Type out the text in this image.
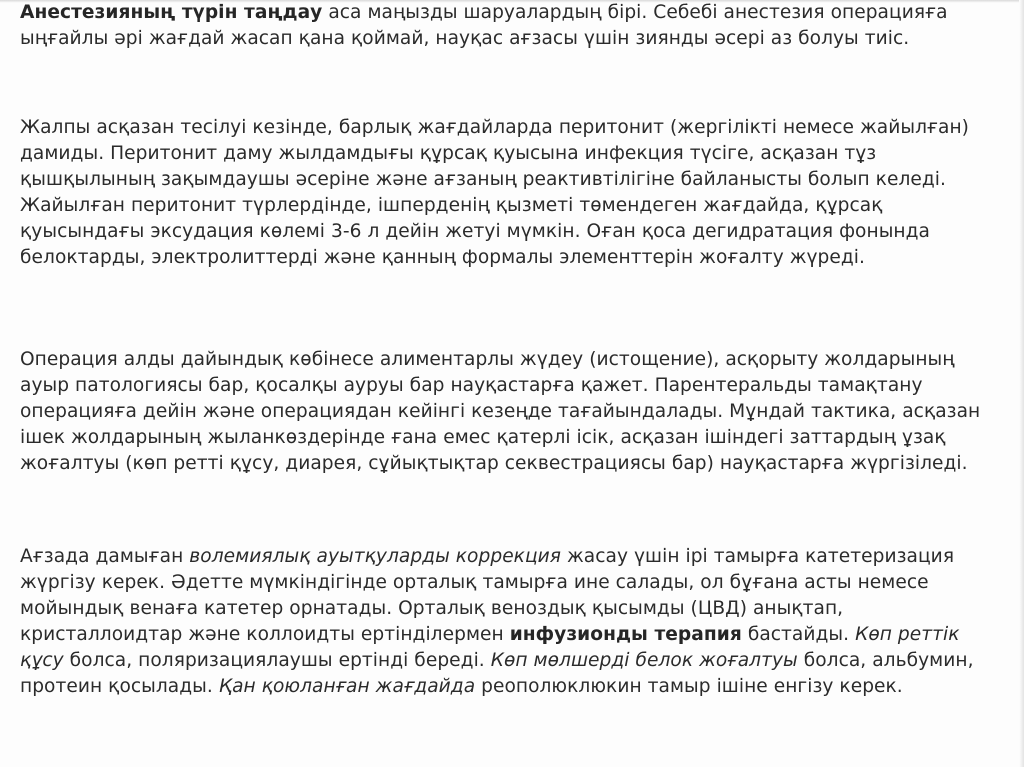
Анестезияның түрін таңдау аса маңызды шаруалардың бірі. Себебі анестезия операцияға ыңғайлы әрі жағдай жасап қана қоймай, науқас ағзасы үшін зиянды әсері аз болуы тиіс.

Жалпы асқазан тесілуі кезінде, барлық жағдайларда перитонит (жергілікті немесе жайылған) дамиды. Перитонит даму жылдамдығы құрсақ қуысына инфекция түсіге, асқазан тұз қышқылының зақымдаушы әсеріне және ағзаның реактивтілігіне байланысты болып келеді. Жайылған перитонит түрлердінде, ішперденің қызметі төмендеген жағдайда, құрсақ қуысындағы эксудация көлемі 3-6 л дейін жетуі мүмкін. Оған қоса дегидратация фонында белоктарды, электролиттерді және қанның формалы элементтерін жоғалту жүреді.

Операция алды дайындық көбінесе алиментарлы жүдеу (истощение), асқорыту жолдарының ауыр патологиясы бар, қосалқы ауруы бар науқастарға қажет. Парентеральды тамақтану операцияға дейін және операциядан кейінгі кезеңде тағайындалады. Мұндай тактика, асқазан ішек жолдарының жыланкөздерінде ғана емес қатерлі ісік, асқазан ішіндегі заттардың ұзақ жоғалтуы (көп ретті құсу, диарея, сұйықтықтар секвестрациясы бар) науқастарға жүргізіледі.

Ағзада дамыған волемиялық ауытқуларды коррекция жасау үшін ірі тамырға катетеризация жүргізу керек. Әдетте мүмкіндігінде орталық тамырға ине салады, ол бұғана асты немесе мойындық венаға катетер орнатады. Орталық веноздық қысымды (ЦВД) анықтап, кристаллоидтар және коллоидты ертінділермен инфузионды терапия бастайды. Көп реттік құсу болса, поляризациялаушы ертінді береді. Көп мөлшерді белок жоғалтуы болса, альбумин, протеин қосылады. Қан қоюланған жағдайда реополюклюкин тамыр ішіне енгізу керек.
